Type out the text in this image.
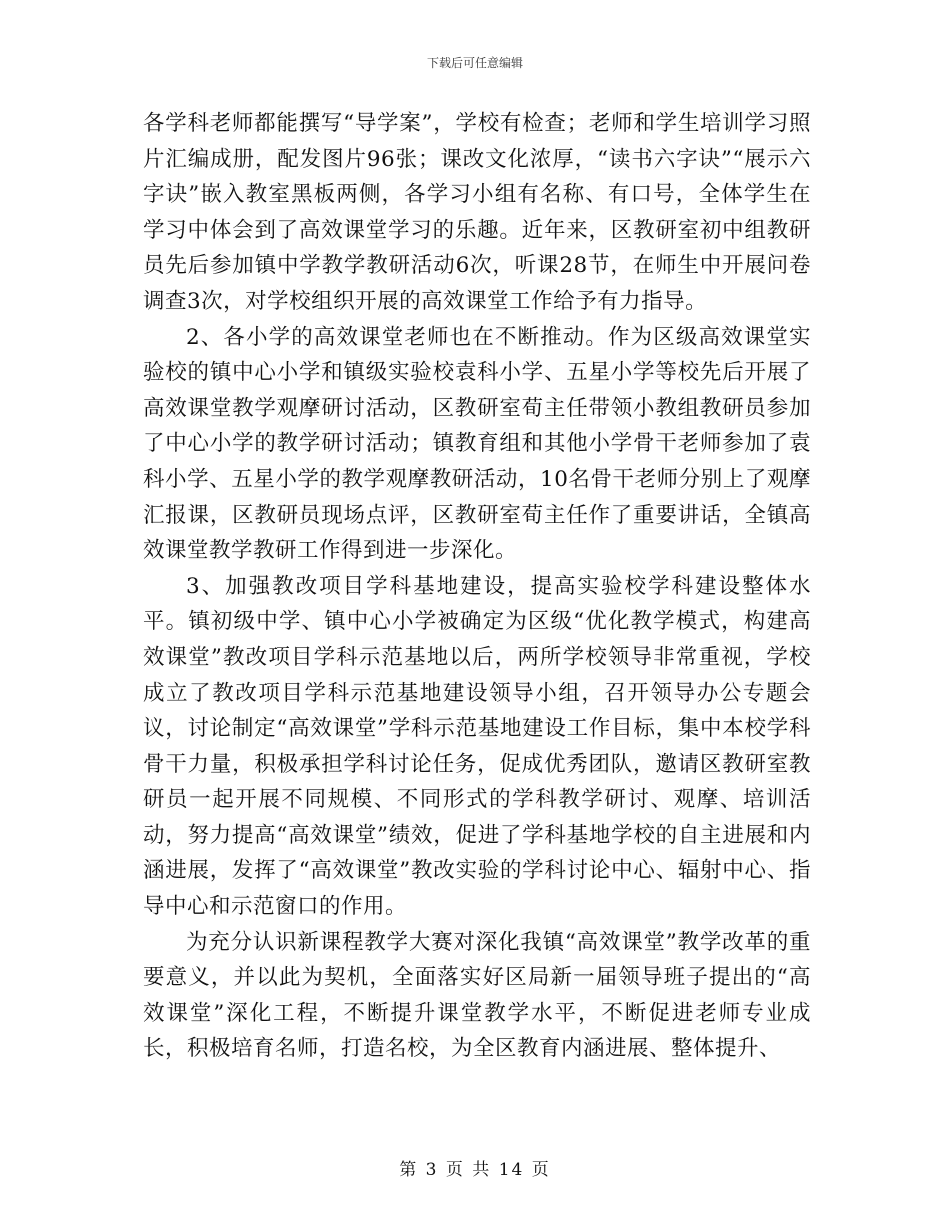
下载后可任意编辑

各学科老师都能撰写“导学案”，学校有检查；老师和学生培训学习照片汇编成册，配发图片96张；课改文化浓厚，“读书六字诀”“展示六字诀”嵌入教室黑板两侧，各学习小组有名称、有口号，全体学生在学习中体会到了高效课堂学习的乐趣。近年来，区教研室初中组教研员先后参加镇中学教学教研活动6次，听课28节，在师生中开展问卷调查3次，对学校组织开展的高效课堂工作给予有力指导。

2、各小学的高效课堂老师也在不断推动。作为区级高效课堂实验校的镇中心小学和镇级实验校袁科小学、五星小学等校先后开展了高效课堂教学观摩研讨活动，区教研室荀主任带领小教组教研员参加了中心小学的教学研讨活动；镇教育组和其他小学骨干老师参加了袁科小学、五星小学的教学观摩教研活动，10名骨干老师分别上了观摩汇报课，区教研员现场点评，区教研室荀主任作了重要讲话，全镇高效课堂教学教研工作得到进一步深化。

3、加强教改项目学科基地建设，提高实验校学科建设整体水平。镇初级中学、镇中心小学被确定为区级“优化教学模式，构建高效课堂”教改项目学科示范基地以后，两所学校领导非常重视，学校成立了教改项目学科示范基地建设领导小组，召开领导办公专题会议，讨论制定“高效课堂”学科示范基地建设工作目标，集中本校学科骨干力量，积极承担学科讨论任务，促成优秀团队，邀请区教研室教研员一起开展不同规模、不同形式的学科教学研讨、观摩、培训活动，努力提高“高效课堂”绩效，促进了学科基地学校的自主进展和内涵进展，发挥了“高效课堂”教改实验的学科讨论中心、辐射中心、指导中心和示范窗口的作用。

为充分认识新课程教学大赛对深化我镇“高效课堂”教学改革的重要意义，并以此为契机，全面落实好区局新一届领导班子提出的“高效课堂”深化工程，不断提升课堂教学水平，不断促进老师专业成长，积极培育名师，打造名校，为全区教育内涵进展、整体提升、

第 3 页 共 14 页
